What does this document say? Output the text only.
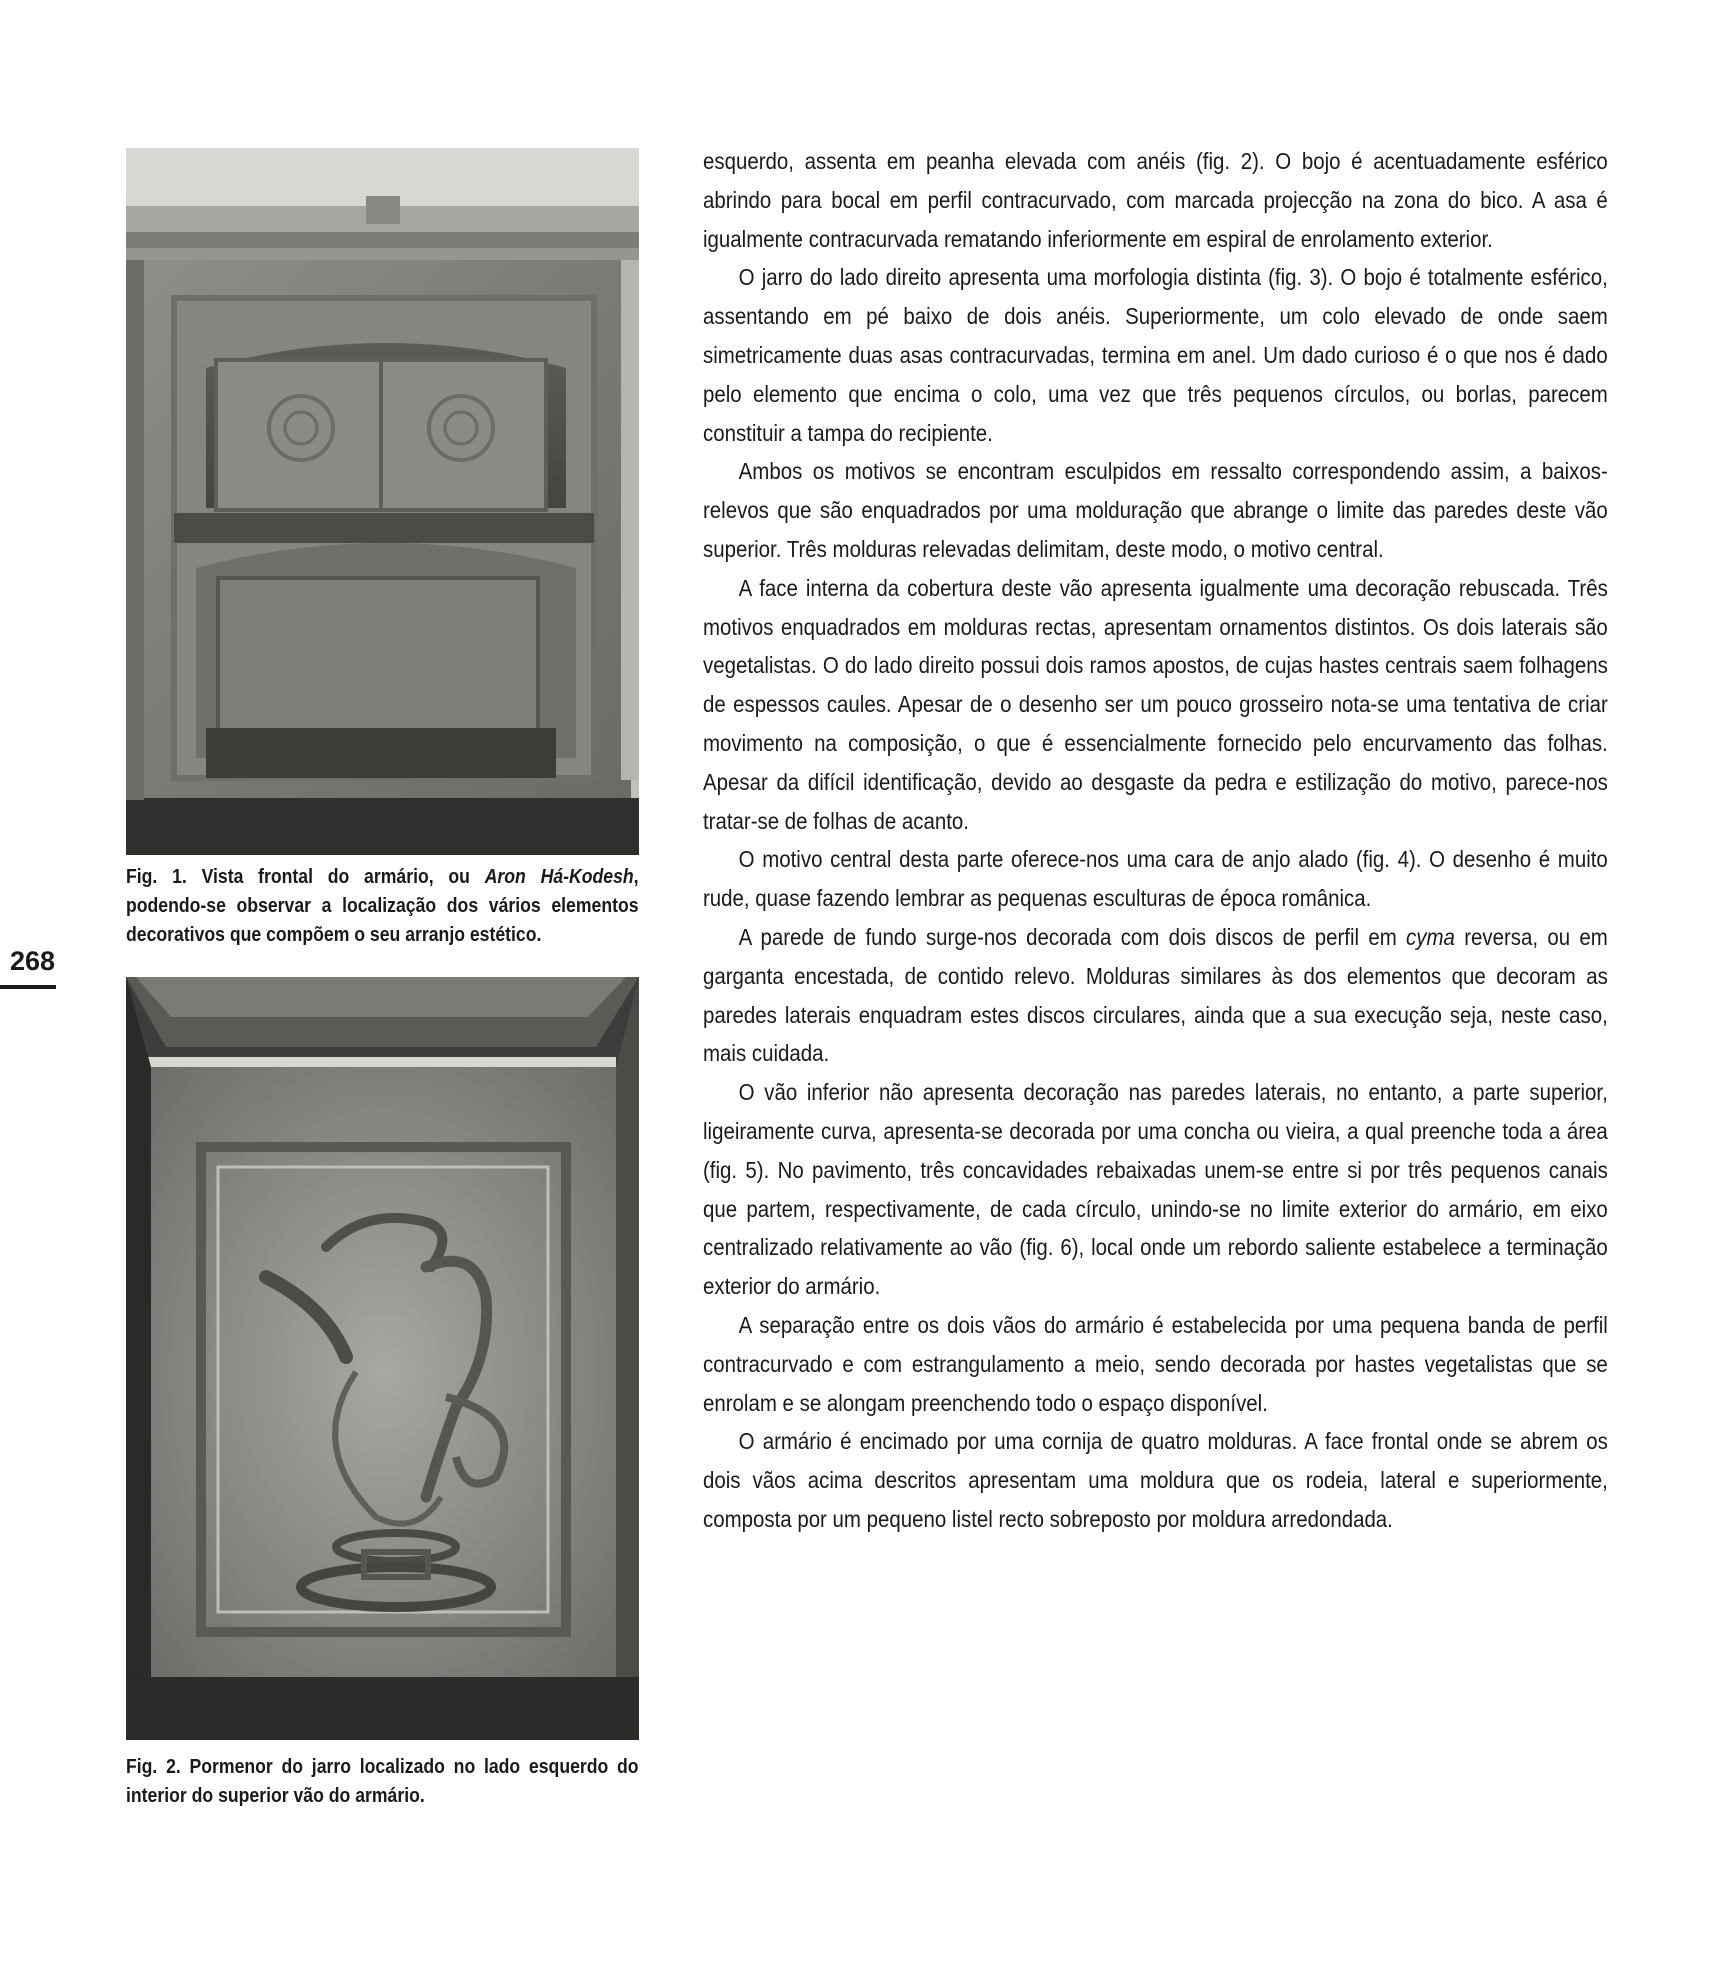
268
Fig. 1. Vista frontal do armário, ou Aron Há-Kodesh, podendo-se observar a localização dos vários elementos decorativos que compõem o seu arranjo estético.
Fig. 2. Pormenor do jarro localizado no lado esquerdo do interior do superior vão do armário.

esquerdo, assenta em peanha elevada com anéis (fig. 2). O bojo é acentuadamente esférico abrindo para bocal em perfil contracurvado, com marcada projecção na zona do bico. A asa é igualmente contracurvada rematando inferiormente em espiral de enrolamento exterior.

O jarro do lado direito apresenta uma morfologia distinta (fig. 3). O bojo é totalmente esférico, assentando em pé baixo de dois anéis. Superiormente, um colo elevado de onde saem simetricamente duas asas contracurvadas, termina em anel. Um dado curioso é o que nos é dado pelo elemento que encima o colo, uma vez que três pequenos círculos, ou borlas, parecem constituir a tampa do recipiente.

Ambos os motivos se encontram esculpidos em ressalto correspondendo assim, a baixos-relevos que são enquadrados por uma molduração que abrange o limite das paredes deste vão superior. Três molduras relevadas delimitam, deste modo, o motivo central.

A face interna da cobertura deste vão apresenta igualmente uma decoração rebuscada. Três motivos enquadrados em molduras rectas, apresentam ornamentos distintos. Os dois laterais são vegetalistas. O do lado direito possui dois ramos apostos, de cujas hastes centrais saem folhagens de espessos caules. Apesar de o desenho ser um pouco grosseiro nota-se uma tentativa de criar movimento na composição, o que é essencialmente fornecido pelo encurvamento das folhas. Apesar da difícil identificação, devido ao desgaste da pedra e estilização do motivo, parece-nos tratar-se de folhas de acanto.

O motivo central desta parte oferece-nos uma cara de anjo alado (fig. 4). O desenho é muito rude, quase fazendo lembrar as pequenas esculturas de época românica.

A parede de fundo surge-nos decorada com dois discos de perfil em cyma reversa, ou em garganta encestada, de contido relevo. Molduras similares às dos elementos que decoram as paredes laterais enquadram estes discos circulares, ainda que a sua execução seja, neste caso, mais cuidada.

O vão inferior não apresenta decoração nas paredes laterais, no entanto, a parte superior, ligeiramente curva, apresenta-se decorada por uma concha ou vieira, a qual preenche toda a área (fig. 5). No pavimento, três concavidades rebaixadas unem-se entre si por três pequenos canais que partem, respectivamente, de cada círculo, unindo-se no limite exterior do armário, em eixo centralizado relativamente ao vão (fig. 6), local onde um rebordo saliente estabelece a terminação exterior do armário.

A separação entre os dois vãos do armário é estabelecida por uma pequena banda de perfil contracurvado e com estrangulamento a meio, sendo decorada por hastes vegetalistas que se enrolam e se alongam preenchendo todo o espaço disponível.

O armário é encimado por uma cornija de quatro molduras. A face frontal onde se abrem os dois vãos acima descritos apresentam uma moldura que os rodeia, lateral e superiormente, composta por um pequeno listel recto sobreposto por moldura arredondada.
